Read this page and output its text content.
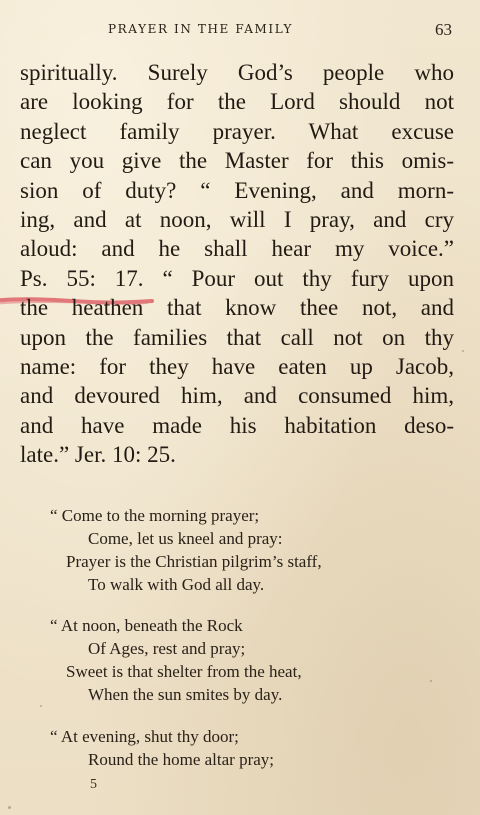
PRAYER IN THE FAMILY	63
spiritually. Surely God’s people who
are looking for the Lord should not
neglect family prayer. What excuse
can you give the Master for this omis-
sion of duty? “ Evening, and morn-
ing, and at noon, will I pray, and cry
aloud: and he shall hear my voice.”
Ps. 55: 17. “ Pour out thy fury upon
the heathen that know thee not, and
upon the families that call not on thy
name: for they have eaten up Jacob,
and devoured him, and consumed him,
and have made his habitation deso-
late.” Jer. 10: 25.
“ Come to the morning prayer;
Come, let us kneel and pray:
Prayer is the Christian pilgrim’s staff,
To walk with God all day.
“ At noon, beneath the Rock
Of Ages, rest and pray;
Sweet is that shelter from the heat,
When the sun smites by day.
“ At evening, shut thy door;
Round the home altar pray;
5
